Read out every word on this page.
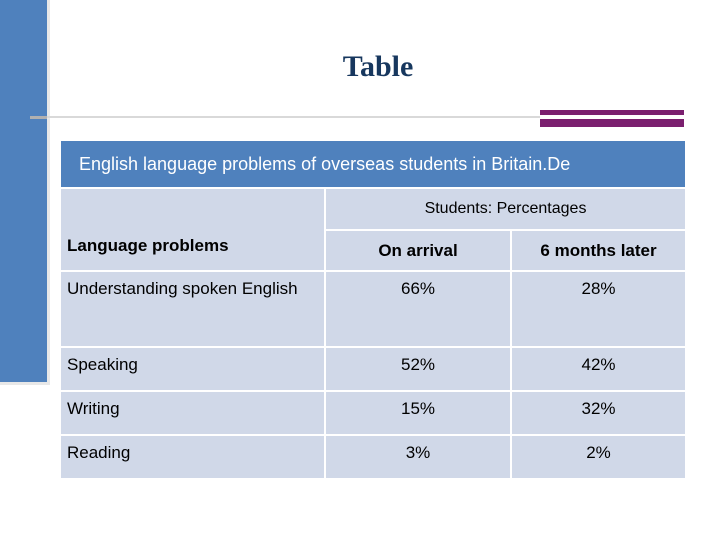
Table
English language problems of overseas students in Britain.De		
Language problems	Students: Percentages	
	On arrival	6 months later
Understanding spoken English	66%	28%
Speaking	52%	42%
Writing	15%	32%
Reading	3%	2%
